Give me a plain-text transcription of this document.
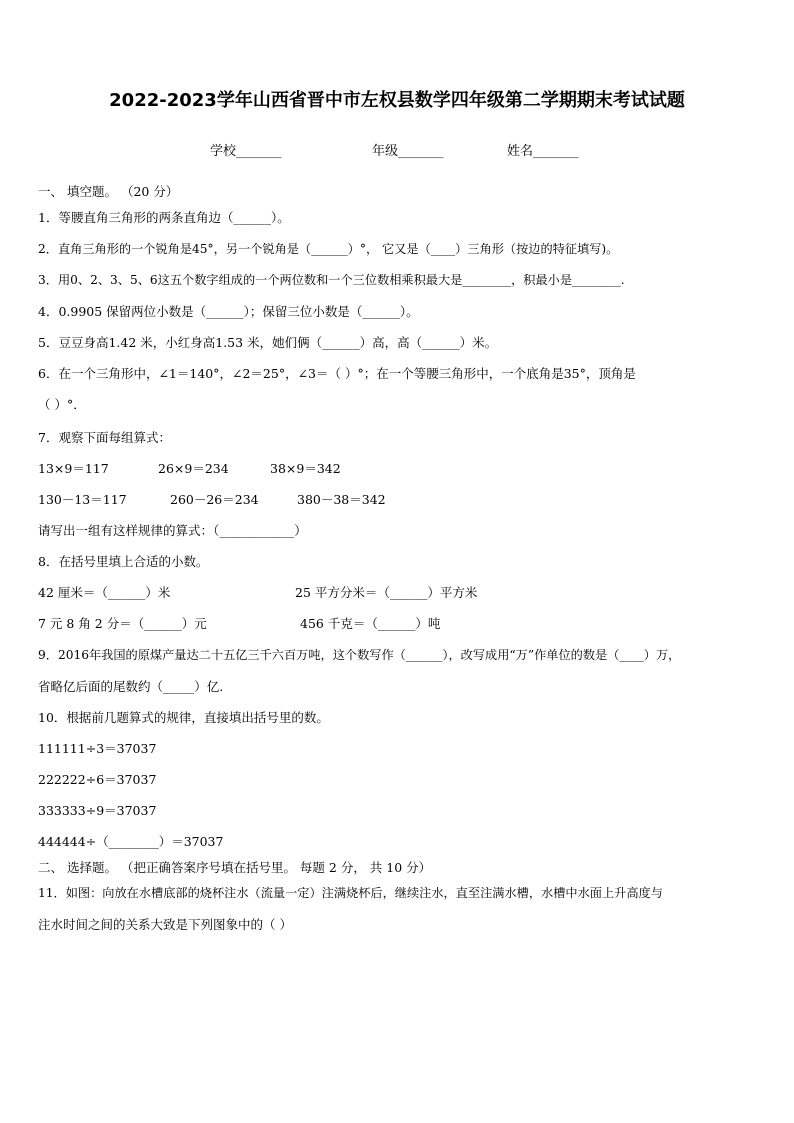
2022-2023学年山西省晋中市左权县数学四年级第二学期期末考试试题
学校_______	年级_______	姓名_______
一、 填空题。 （20 分）
1．等腰直角三角形的两条直角边（______）。
2．直角三角形的一个锐角是45°，另一个锐角是（______）°， 它又是（____）三角形（按边的特征填写)。
3．用0、2、3、5、6这五个数字组成的一个两位数和一个三位数相乘积最大是________，积最小是________.
4．0.9905 保留两位小数是（______）；保留三位小数是（______）。
5．豆豆身高1.42 米，小红身高1.53 米，她们俩（______）高，高（______）米。
6．在一个三角形中，∠1＝140°，∠2＝25°，∠3＝（ ）°；在一个等腰三角形中，一个底角是35°，顶角是
（ ）°．
7．观察下面每组算式：
13×9＝117	26×9＝234	38×9＝342
130－13＝117	260－26＝234	380－38＝342
请写出一组有这样规律的算式：（____________）
8．在括号里填上合适的小数。
42 厘米＝（______）米	25 平方分米＝（______）平方米
7 元 8 角 2 分＝（______）元	456 千克＝（______）吨
9．2016年我国的原煤产量达二十五亿三千六百万吨，这个数写作（______），改写成用“万”作单位的数是（____）万，
省略亿后面的尾数约（_____）亿.
10．根据前几题算式的规律，直接填出括号里的数。
111111÷3＝37037
222222÷6＝37037
333333÷9＝37037
444444÷（________）＝37037
二、 选择题。 （把正确答案序号填在括号里。 每题 2 分， 共 10 分）
11．如图：向放在水槽底部的烧杯注水（流量一定）注满烧杯后，继续注水，直至注满水槽，水槽中水面上升高度与
注水时间之间的关系大致是下列图象中的（ ）
